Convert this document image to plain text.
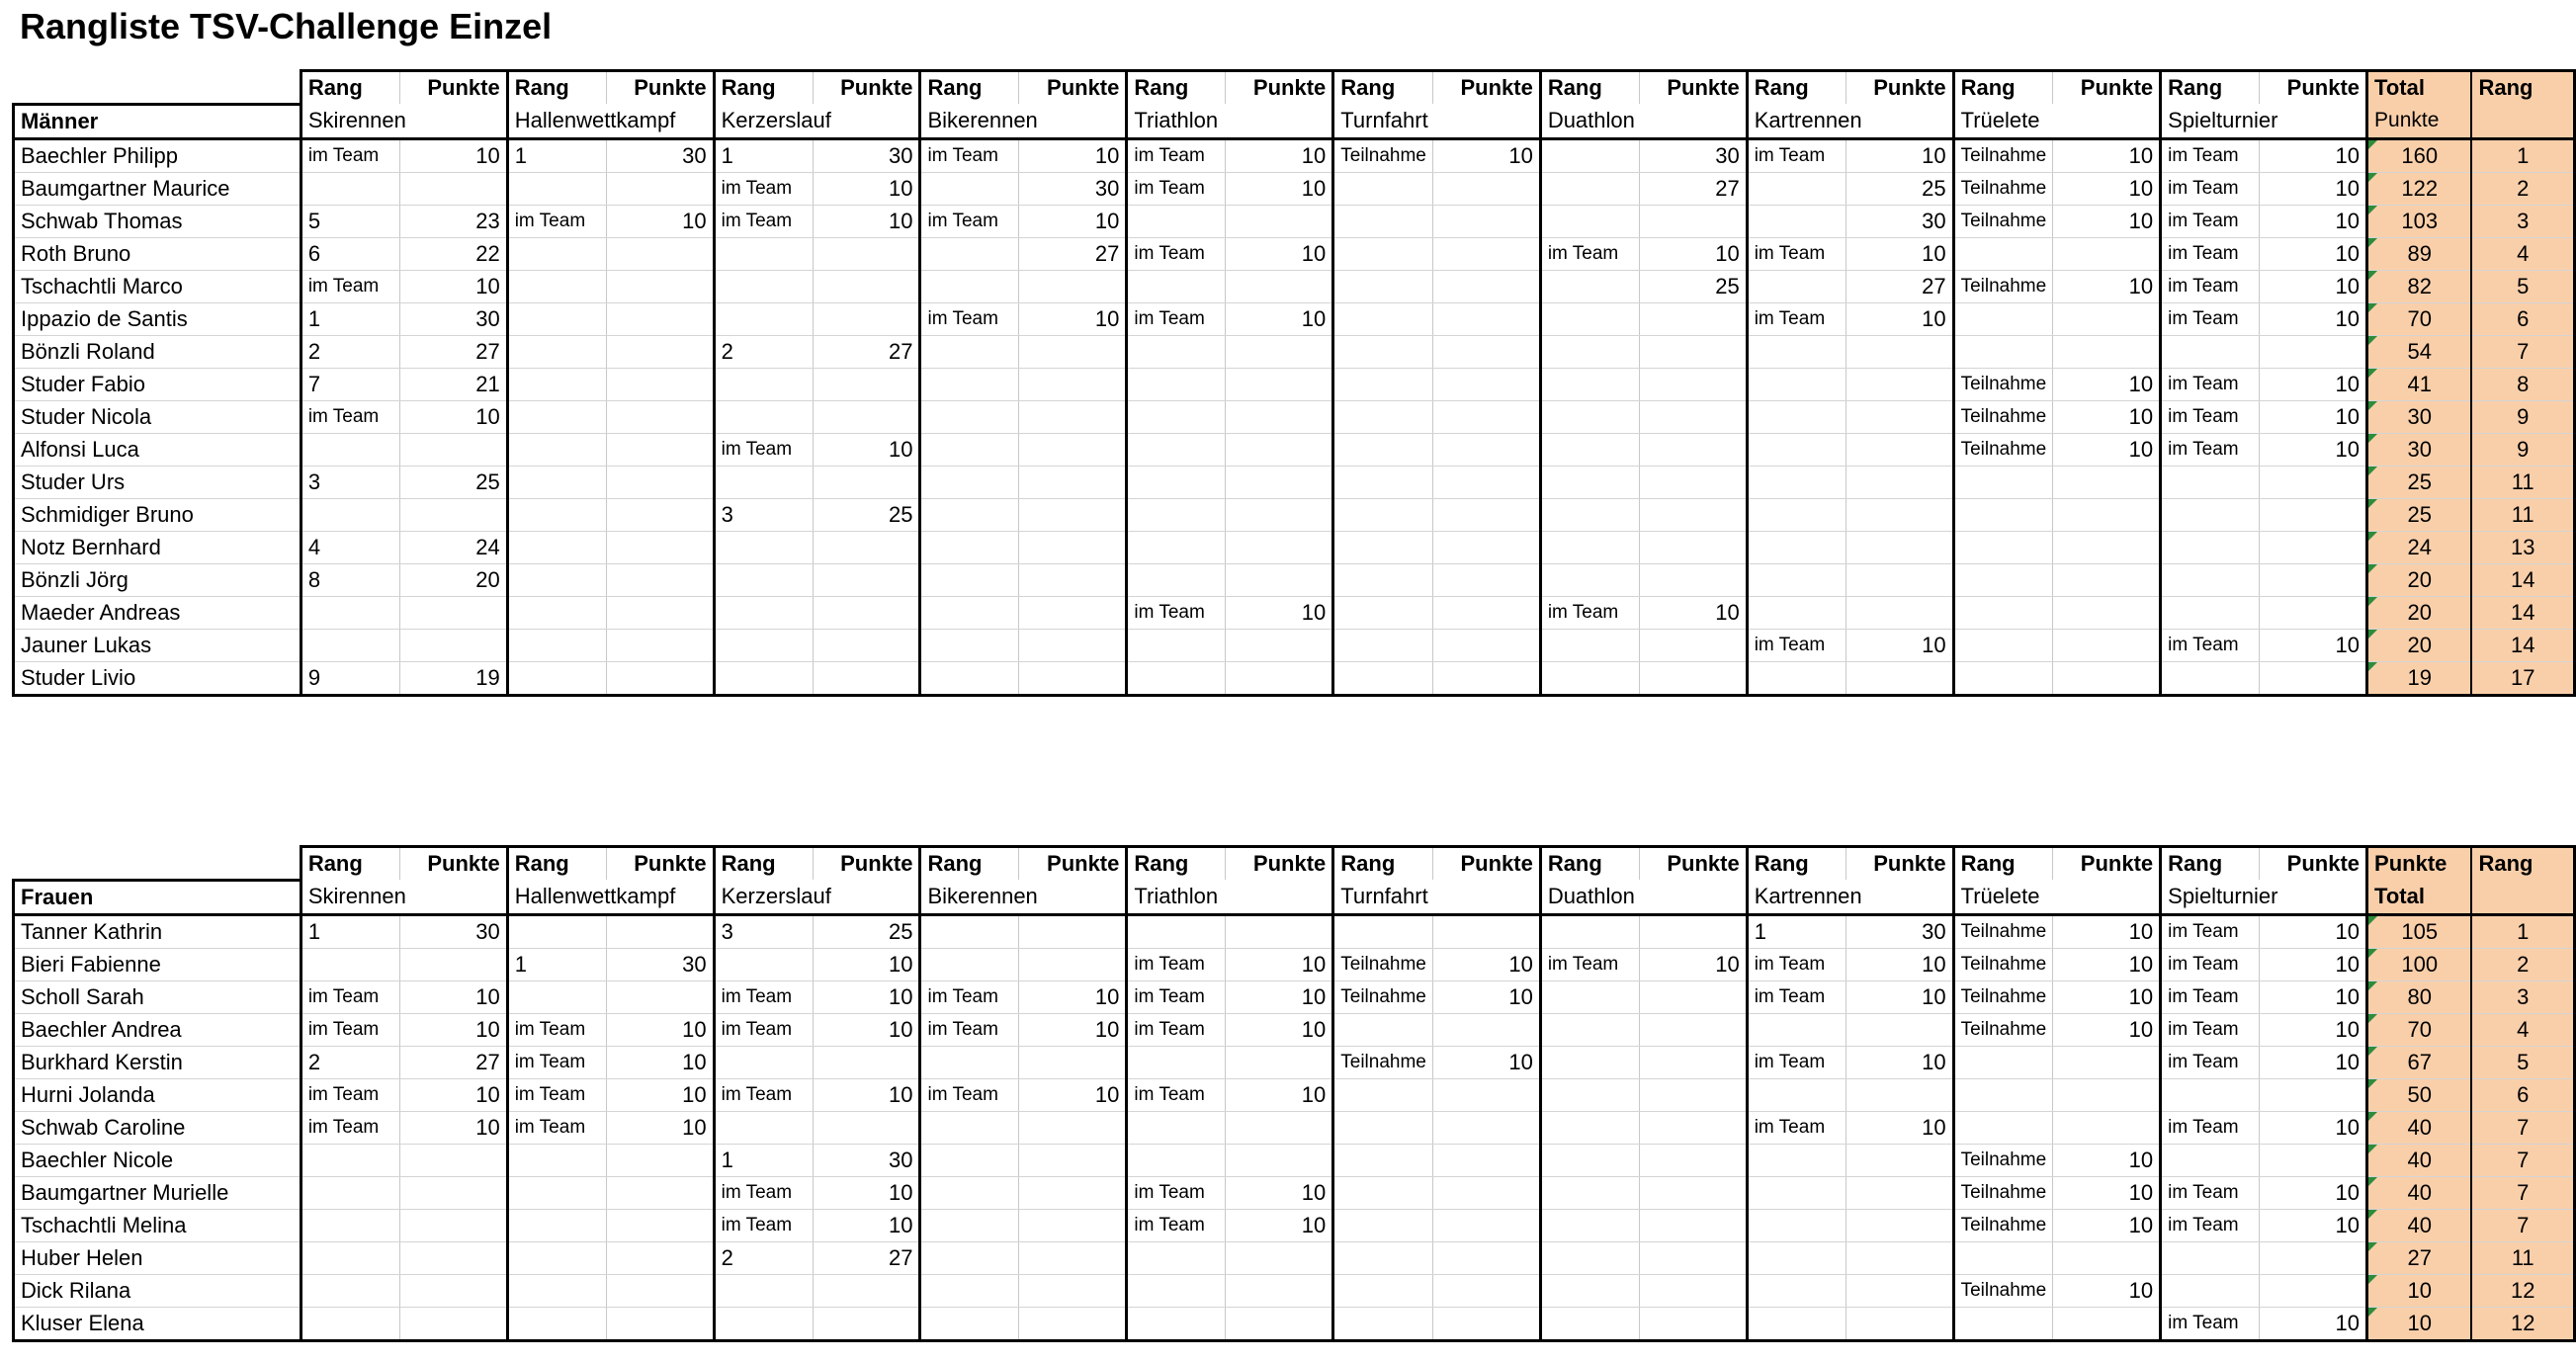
Rangliste TSV-Challenge Einzel
	Rang	Punkte	Rang	Punkte	Rang	Punkte	Rang	Punkte	Rang	Punkte	Rang	Punkte	Rang	Punkte	Rang	Punkte	Rang	Punkte	Rang	Punkte	Total	Rang
Männer	Skirennen		Hallenwettkampf		Kerzerslauf		Bikerennen		Triathlon		Turnfahrt		Duathlon		Kartrennen		Trüelete		Spielturnier		Punkte	
Baechler Philipp	im Team	10	1	30	1	30	im Team	10	im Team	10	Teilnahme	10		30	im Team	10	Teilnahme	10	im Team	10	160	1
Baumgartner Maurice					im Team	10		30	im Team	10				27		25	Teilnahme	10	im Team	10	122	2
Schwab Thomas	5	23	im Team	10	im Team	10	im Team	10								30	Teilnahme	10	im Team	10	103	3
Roth Bruno	6	22						27	im Team	10			im Team	10	im Team	10			im Team	10	89	4
Tschachtli Marco	im Team	10												25		27	Teilnahme	10	im Team	10	82	5
Ippazio de Santis	1	30					im Team	10	im Team	10					im Team	10			im Team	10	70	6
Bönzli Roland	2	27			2	27															54	7
Studer Fabio	7	21															Teilnahme	10	im Team	10	41	8
Studer Nicola	im Team	10															Teilnahme	10	im Team	10	30	9
Alfonsi Luca					im Team	10											Teilnahme	10	im Team	10	30	9
Studer Urs	3	25																			25	11
Schmidiger Bruno					3	25															25	11
Notz Bernhard	4	24																			24	13
Bönzli Jörg	8	20																			20	14
Maeder Andreas									im Team	10			im Team	10							20	14
Jauner Lukas															im Team	10			im Team	10	20	14
Studer Livio	9	19																			19	17
	Rang	Punkte	Rang	Punkte	Rang	Punkte	Rang	Punkte	Rang	Punkte	Rang	Punkte	Rang	Punkte	Rang	Punkte	Rang	Punkte	Rang	Punkte	Punkte	Rang
Frauen	Skirennen		Hallenwettkampf		Kerzerslauf		Bikerennen		Triathlon		Turnfahrt		Duathlon		Kartrennen		Trüelete		Spielturnier		Total	
Tanner Kathrin	1	30			3	25									1	30	Teilnahme	10	im Team	10	105	1
Bieri Fabienne			1	30		10			im Team	10	Teilnahme	10	im Team	10	im Team	10	Teilnahme	10	im Team	10	100	2
Scholl Sarah	im Team	10			im Team	10	im Team	10	im Team	10	Teilnahme	10			im Team	10	Teilnahme	10	im Team	10	80	3
Baechler Andrea	im Team	10	im Team	10	im Team	10	im Team	10	im Team	10							Teilnahme	10	im Team	10	70	4
Burkhard Kerstin	2	27	im Team	10							Teilnahme	10			im Team	10			im Team	10	67	5
Hurni Jolanda	im Team	10	im Team	10	im Team	10	im Team	10	im Team	10											50	6
Schwab Caroline	im Team	10	im Team	10											im Team	10			im Team	10	40	7
Baechler Nicole					1	30											Teilnahme	10			40	7
Baumgartner Murielle					im Team	10			im Team	10							Teilnahme	10	im Team	10	40	7
Tschachtli Melina					im Team	10			im Team	10							Teilnahme	10	im Team	10	40	7
Huber Helen					2	27															27	11
Dick Rilana																	Teilnahme	10			10	12
Kluser Elena																			im Team	10	10	12
